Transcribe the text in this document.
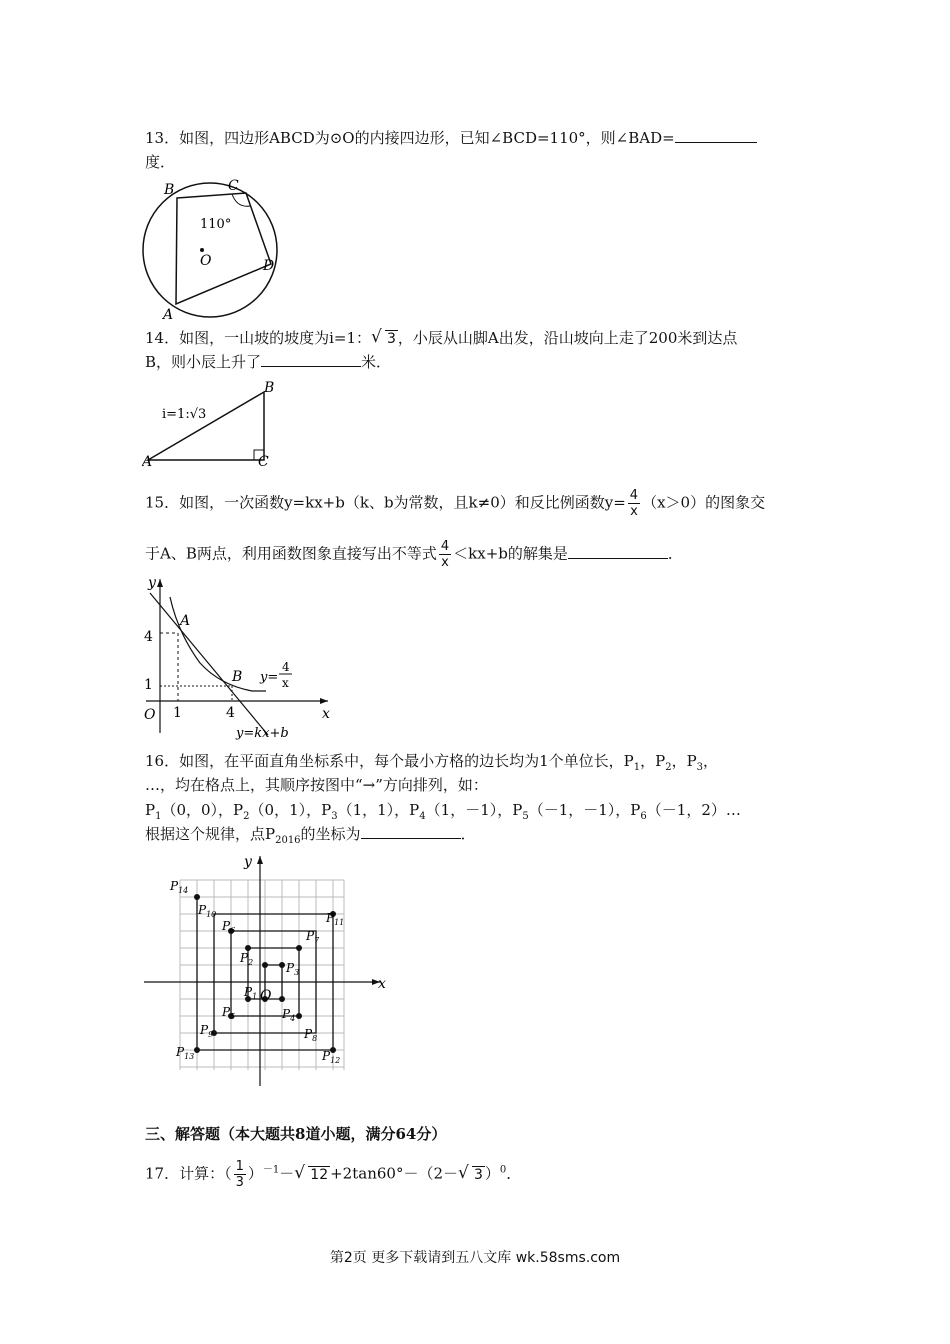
13．如图，四边形ABCD为⊙O的内接四边形，已知∠BCD=110°，则∠BAD=
度．
B	C
D
A
O
110°
14．如图，一山坡的坡度为i=1： √ 3 ，小辰从山脚A出发，沿山坡向上走了200米到达点
B，则小辰上升了	米．
i=1:√3
A
B
C
15．如图，一次函数y=kx+b（k、b为常数，且k≠0）和反比例函数$y= \frac{4}{x} (x>0)$的图象交
于A、B两点，利用函数图象直接写出不等式 $\frac{4}{x} <kx+b$的解集是	．
y
x
O
4
1
1	4
A
B y=
4
x
y=kx+b
16．如图，在平面直角坐标系中，每个最小方格的边长均为1个单位长，$P_1$，$P_2$，$P_3$，
…，均在格点上，其顺序按图中“→”方向排列，如：
$P_1(0$，0），$P_2(0$，1），$P_3(1$，1），$P_4(1$，－1），$P_5(-1$，－1），$P_6(-1$，2）…
根据这个规律，点$P_{2016}$的坐标为	．
y
x
O
$P_{14}$
$P_{10}$
$P_6$
$P_2$	$P_3$
$P_7$
$P_{11}$
$P_1$
$P_5$	$P_4$
$P_9$	$P_8$
$P_{13}$	$P_{12}$
三、解答题（本大题共8道小题，满分64分）
17．计算：（ $\frac{1}{3} )^{-1}-$ √ 12 +2tan60°－（2－ √ 3 ）$^0$．
第2页 更多下载请到五八文库 wk.58sms.com
